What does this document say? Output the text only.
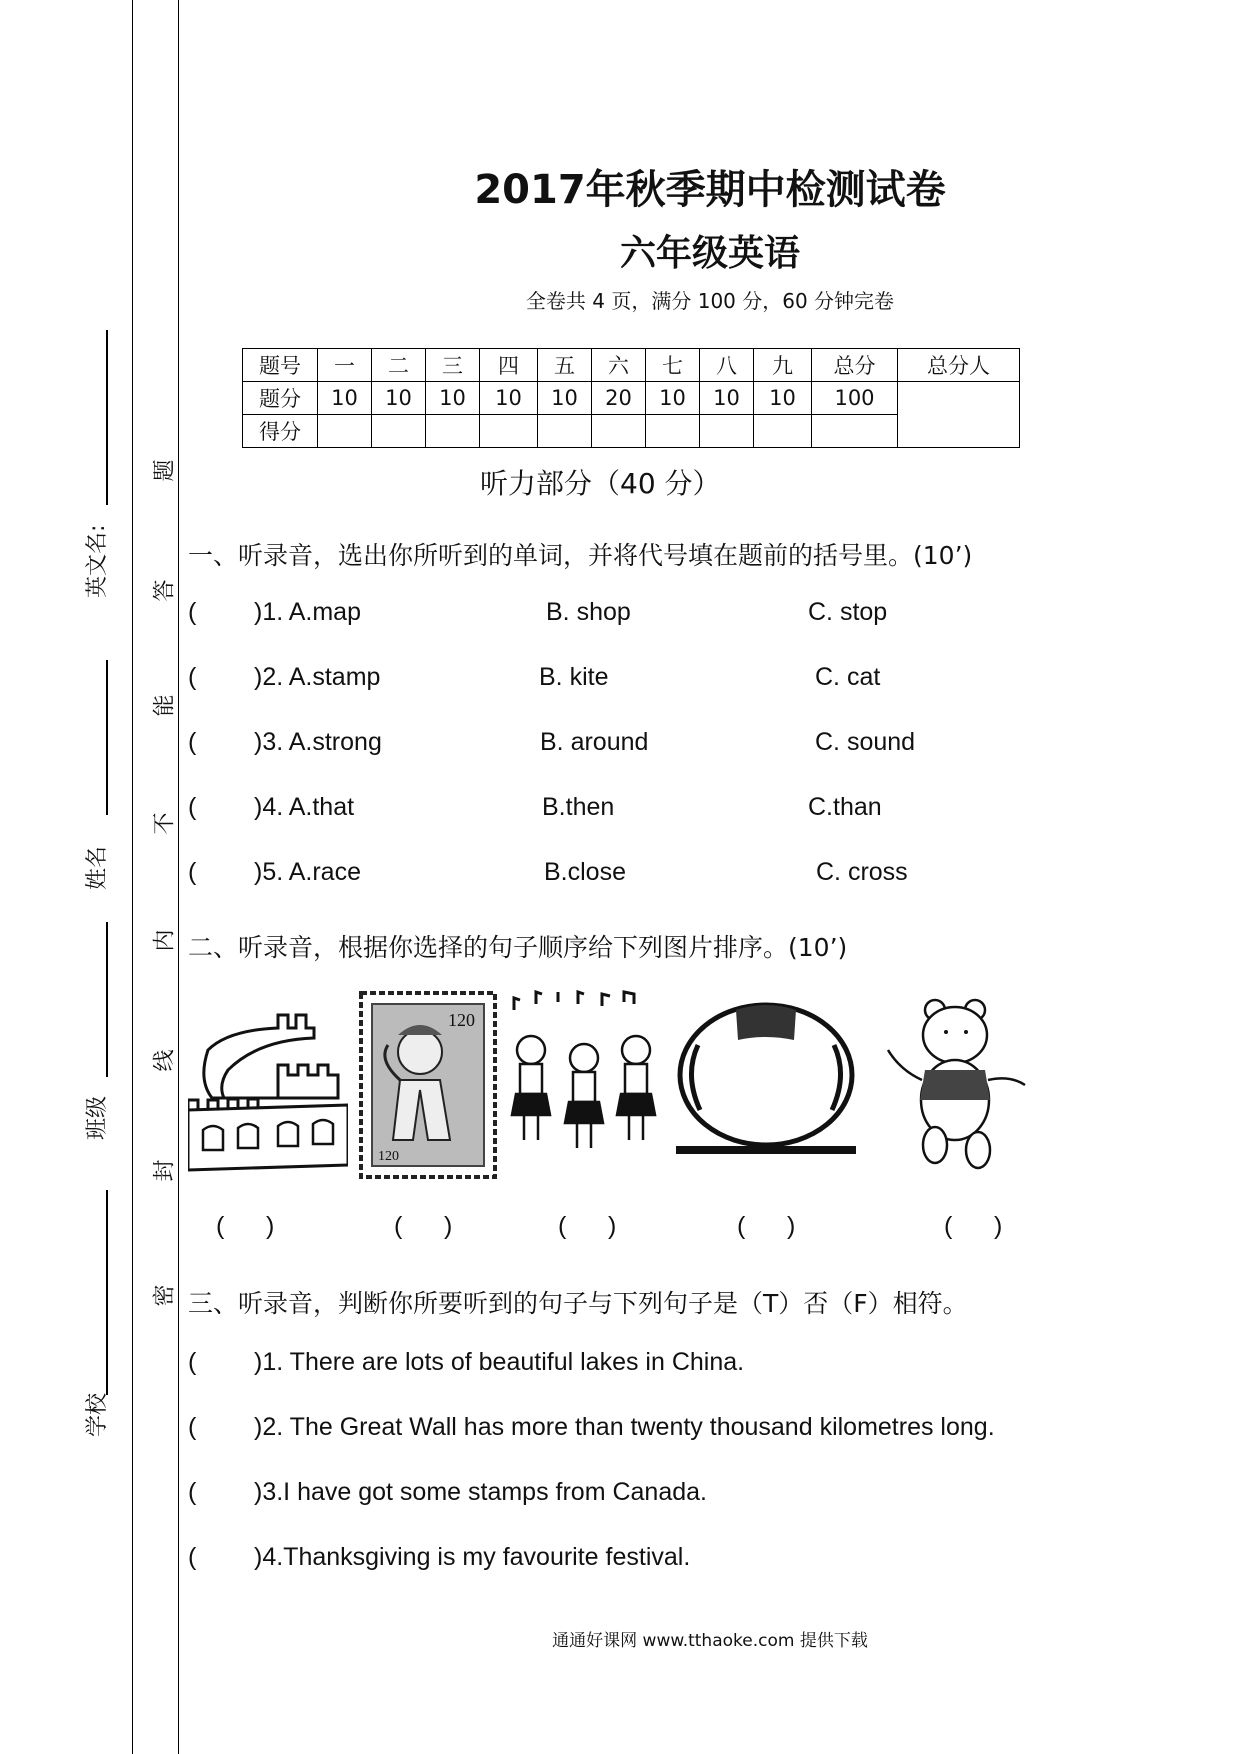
英文名:
姓名
班级
学校
密
封
线
内
不
能
答
题
2017年秋季期中检测试卷
六年级英语
全卷共 4 页，满分 100 分，60 分钟完卷
题号	一	二	三	四	五	六	七	八	九	总分	总分人
题分	10	10	10	10	10	20	10	10	10	100	
得分											
听力部分（40 分）
一、听录音，选出你所听到的单词，并将代号填在题前的括号里。(10’)
( )1. A.map	B. shop	C. stop
( )2. A.stamp	B. kite	C. cat
( )3. A.strong	B. around	C. sound
( )4. A.that	B.then	C.than
( )5. A.race	B.close	C. cross
二、听录音，根据你选择的句子顺序给下列图片排序。(10’)
120
120
(      )	(      )	(      )	(      )	(      )
三、听录音，判断你所要听到的句子与下列句子是（T）否（F）相符。
( )1. There are lots of beautiful lakes in China.
( )2. The Great Wall has more than twenty thousand kilometres long.
( )3.I have got some stamps from Canada.
( )4.Thanksgiving is my favourite festival.
通通好课网 www.tthaoke.com 提供下载
